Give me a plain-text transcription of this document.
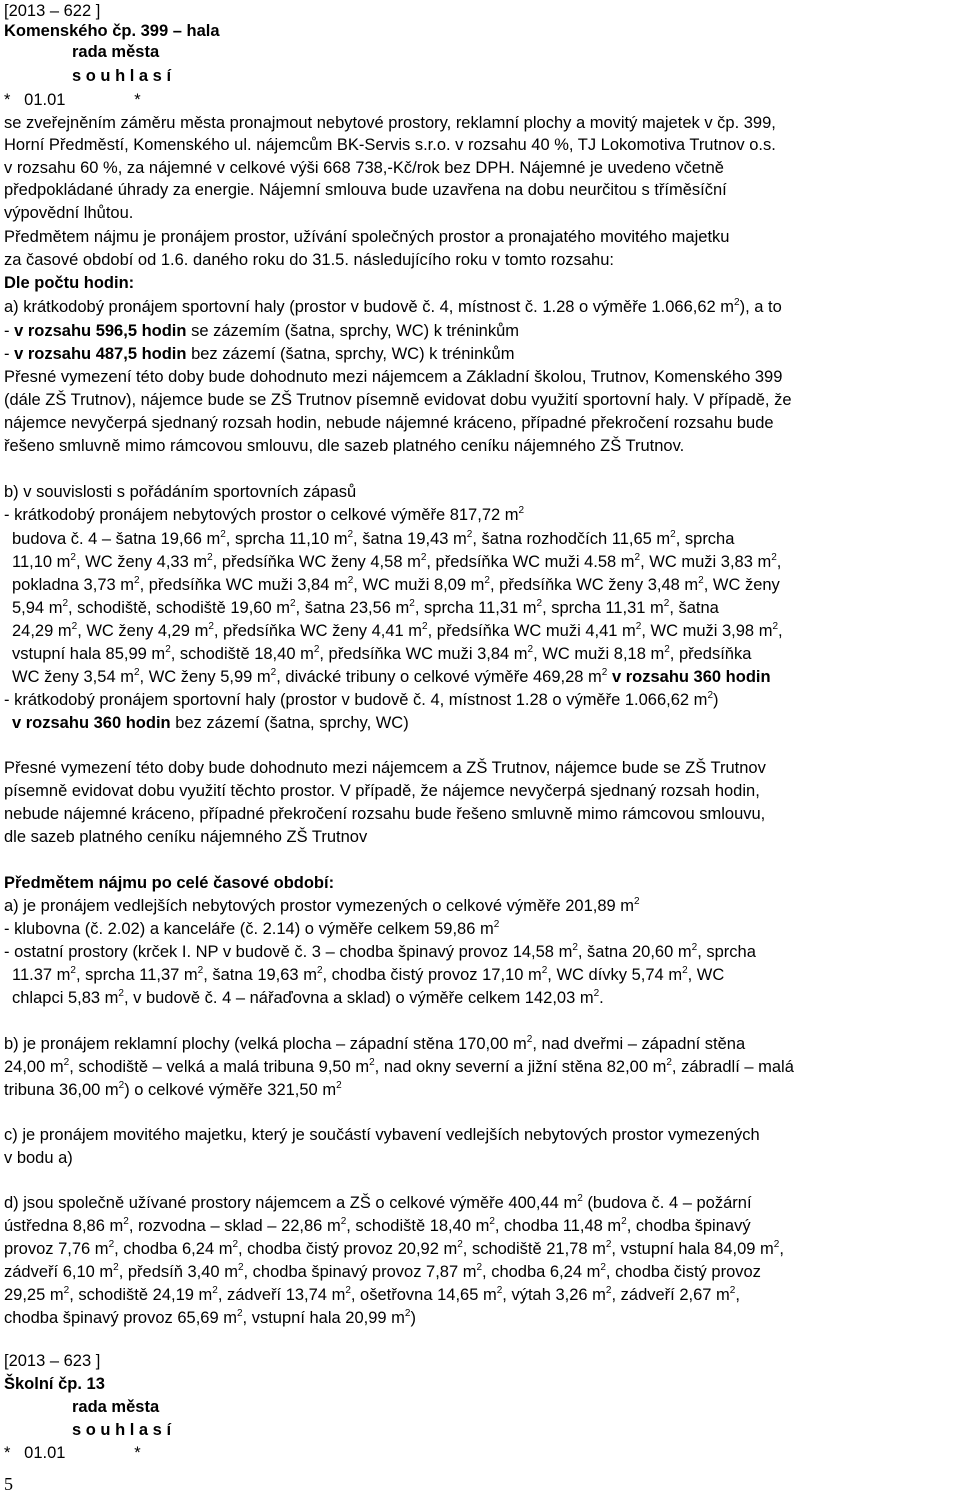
[2013 – 622 ]
Komenského čp. 399 – hala
rada města
s o u h l a s í
*   01.01               *
se zveřejněním záměru města pronajmout nebytové prostory, reklamní plochy a movitý majetek v čp. 399,
Horní Předměstí, Komenského ul. nájemcům BK-Servis s.r.o. v rozsahu 40 %, TJ Lokomotiva Trutnov o.s.
v rozsahu 60 %, za nájemné v celkové výši 668 738,-Kč/rok bez DPH. Nájemné je uvedeno včetně
předpokládané úhrady za energie. Nájemní smlouva bude uzavřena na dobu neurčitou s tříměsíční
výpovědní lhůtou.
Předmětem nájmu je pronájem prostor, užívání společných prostor a pronajatého movitého majetku
za časové období od 1.6. daného roku do 31.5. následujícího roku v tomto rozsahu:
Dle počtu hodin:
a) krátkodobý pronájem sportovní haly (prostor v budově č. 4, místnost č. 1.28 o výměře 1.066,62 $m^2$), a to
- v rozsahu 596,5 hodin se zázemím (šatna, sprchy, WC) k tréninkům
- v rozsahu 487,5 hodin bez zázemí (šatna, sprchy, WC) k tréninkům
Přesné vymezení této doby bude dohodnuto mezi nájemcem a Základní školou, Trutnov, Komenského 399
(dále ZŠ Trutnov), nájemce bude se ZŠ Trutnov písemně evidovat dobu využití sportovní haly. V případě, že
nájemce nevyčerpá sjednaný rozsah hodin, nebude nájemné kráceno, případné překročení rozsahu bude
řešeno smluvně mimo rámcovou smlouvu, dle sazeb platného ceníku nájemného ZŠ Trutnov.
b) v souvislosti s pořádáním sportovních zápasů
- krátkodobý pronájem nebytových prostor o celkové výměře 817,72 $m^2$
budova č. 4 – šatna 19,66 $m^2$, sprcha 11,10 $m^2$, šatna 19,43 $m^2$, šatna rozhodčích 11,65 $m^2$, sprcha
11,10 $m^2$, WC ženy 4,33 $m^2$, předsíňka WC ženy 4,58 $m^2$, předsíňka WC muži 4.58 $m^2$, WC muži 3,83 $m^2$,
pokladna 3,73 $m^2$, předsíňka WC muži 3,84 $m^2$, WC muži 8,09 $m^2$, předsíňka WC ženy 3,48 $m^2$, WC ženy
5,94 $m^2$, schodiště, schodiště 19,60 $m^2$, šatna 23,56 $m^2$, sprcha 11,31 $m^2$, sprcha 11,31 $m^2$, šatna
24,29 $m^2$, WC ženy 4,29 $m^2$, předsíňka WC ženy 4,41 $m^2$, předsíňka WC muži 4,41 $m^2$, WC muži 3,98 $m^2$,
vstupní hala 85,99 $m^2$, schodiště 18,40 $m^2$, předsíňka WC muži 3,84 $m^2$, WC muži 8,18 $m^2$, předsíňka
WC ženy 3,54 $m^2$, WC ženy 5,99 $m^2$, divácké tribuny o celkové výměře 469,28 $m^2$ v rozsahu 360 hodin
- krátkodobý pronájem sportovní haly (prostor v budově č. 4, místnost 1.28 o výměře 1.066,62 $m^2$)
v rozsahu 360 hodin bez zázemí (šatna, sprchy, WC)
Přesné vymezení této doby bude dohodnuto mezi nájemcem a ZŠ Trutnov, nájemce bude se ZŠ Trutnov
písemně evidovat dobu využití těchto prostor. V případě, že nájemce nevyčerpá sjednaný rozsah hodin,
nebude nájemné kráceno, případné překročení rozsahu bude řešeno smluvně mimo rámcovou smlouvu,
dle sazeb platného ceníku nájemného ZŠ Trutnov
Předmětem nájmu po celé časové období:
a) je pronájem vedlejších nebytových prostor vymezených o celkové výměře 201,89 $m^2$
- klubovna (č. 2.02) a kanceláře (č. 2.14) o výměře celkem 59,86 $m^2$
- ostatní prostory (krček I. NP v budově č. 3 – chodba špinavý provoz 14,58 $m^2$, šatna 20,60 $m^2$, sprcha
11.37 $m^2$, sprcha 11,37 $m^2$, šatna 19,63 $m^2$, chodba čistý provoz 17,10 $m^2$, WC dívky 5,74 $m^2$, WC
chlapci 5,83 $m^2$, v budově č. 4 – nářaďovna a sklad) o výměře celkem 142,03 $m^2$.
b) je pronájem reklamní plochy (velká plocha – západní stěna 170,00 $m^2$, nad dveřmi – západní stěna
24,00 $m^2$, schodiště – velká a malá tribuna 9,50 $m^2$, nad okny severní a jižní stěna 82,00 $m^2$, zábradlí – malá
tribuna 36,00 $m^2$) o celkové výměře 321,50 $m^2$
c) je pronájem movitého majetku, který je součástí vybavení vedlejších nebytových prostor vymezených
v bodu a)
d) jsou společně užívané prostory nájemcem a ZŠ o celkové výměře 400,44 $m^2$ (budova č. 4 – požární
ústředna 8,86 $m^2$, rozvodna – sklad – 22,86 $m^2$, schodiště 18,40 $m^2$, chodba 11,48 $m^2$, chodba špinavý
provoz 7,76 $m^2$, chodba 6,24 $m^2$, chodba čistý provoz 20,92 $m^2$, schodiště 21,78 $m^2$, vstupní hala 84,09 $m^2$,
zádveří 6,10 $m^2$, předsíň 3,40 $m^2$, chodba špinavý provoz 7,87 $m^2$, chodba 6,24 $m^2$, chodba čistý provoz
29,25 $m^2$, schodiště 24,19 $m^2$, zádveří 13,74 $m^2$, ošetřovna 14,65 $m^2$, výtah 3,26 $m^2$, zádveří 2,67 $m^2$,
chodba špinavý provoz 65,69 $m^2$, vstupní hala 20,99 $m^2$)
[2013 – 623 ]
Školní čp. 13
rada města
s o u h l a s í
*   01.01               *
5
